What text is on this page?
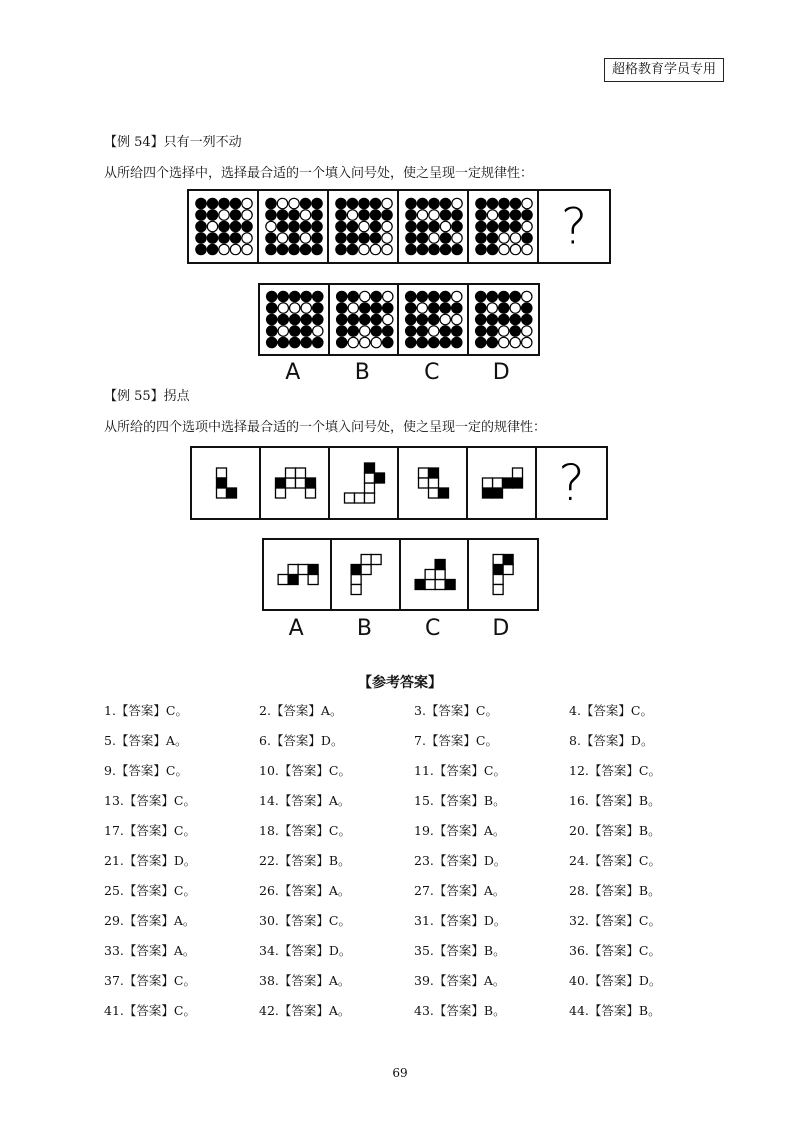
超格教育学员专用
【例 54】只有一列不动
从所给四个选择中，选择最合适的一个填入问号处，使之呈现一定规律性：
?
A	B	C	D
【例 55】拐点
从所给的四个选项中选择最合适的一个填入问号处，使之呈现一定的规律性：
?
A	B	C	D
【参考答案】
1.【答案】C。	2.【答案】A。	3.【答案】C。	4.【答案】C。
5.【答案】A。	6.【答案】D。	7.【答案】C。	8.【答案】D。
9.【答案】C。	10.【答案】C。	11.【答案】C。	12.【答案】C。
13.【答案】C。	14.【答案】A。	15.【答案】B。	16.【答案】B。
17.【答案】C。	18.【答案】C。	19.【答案】A。	20.【答案】B。
21.【答案】D。	22.【答案】B。	23.【答案】D。	24.【答案】C。
25.【答案】C。	26.【答案】A。	27.【答案】A。	28.【答案】B。
29.【答案】A。	30.【答案】C。	31.【答案】D。	32.【答案】C。
33.【答案】A。	34.【答案】D。	35.【答案】B。	36.【答案】C。
37.【答案】C。	38.【答案】A。	39.【答案】A。	40.【答案】D。
41.【答案】C。	42.【答案】A。	43.【答案】B。	44.【答案】B。
69
